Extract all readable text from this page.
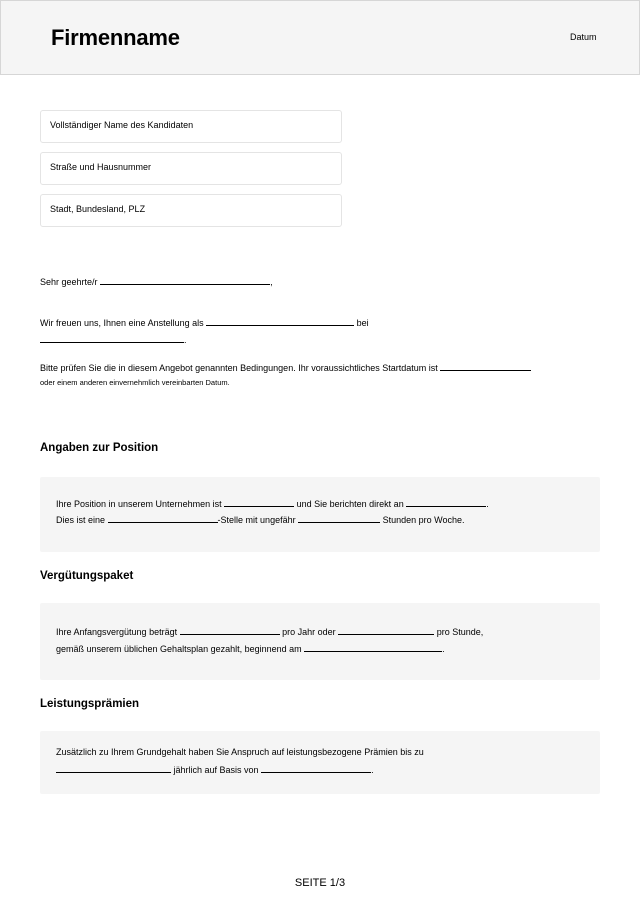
Firmenname	Datum
Vollständiger Name des Kandidaten
Straße und Hausnummer
Stadt, Bundesland, PLZ
Sehr geehrte/r	,
Wir freuen uns, Ihnen eine Anstellung als	bei
.
Bitte prüfen Sie die in diesem Angebot genannten Bedingungen. Ihr voraussichtliches Startdatum ist
oder einem anderen einvernehmlich vereinbarten Datum.
Angaben zur Position
Ihre Position in unserem Unternehmen ist	und Sie berichten direkt an	.
Dies ist eine	-Stelle mit ungefähr	Stunden pro Woche.
Vergütungspaket
Ihre Anfangsvergütung beträgt	pro Jahr oder	pro Stunde,
gemäß unserem üblichen Gehaltsplan gezahlt, beginnend am	.
Leistungsprämien
Zusätzlich zu Ihrem Grundgehalt haben Sie Anspruch auf leistungsbezogene Prämien bis zu
jährlich auf Basis von	.
SEITE 1/3
